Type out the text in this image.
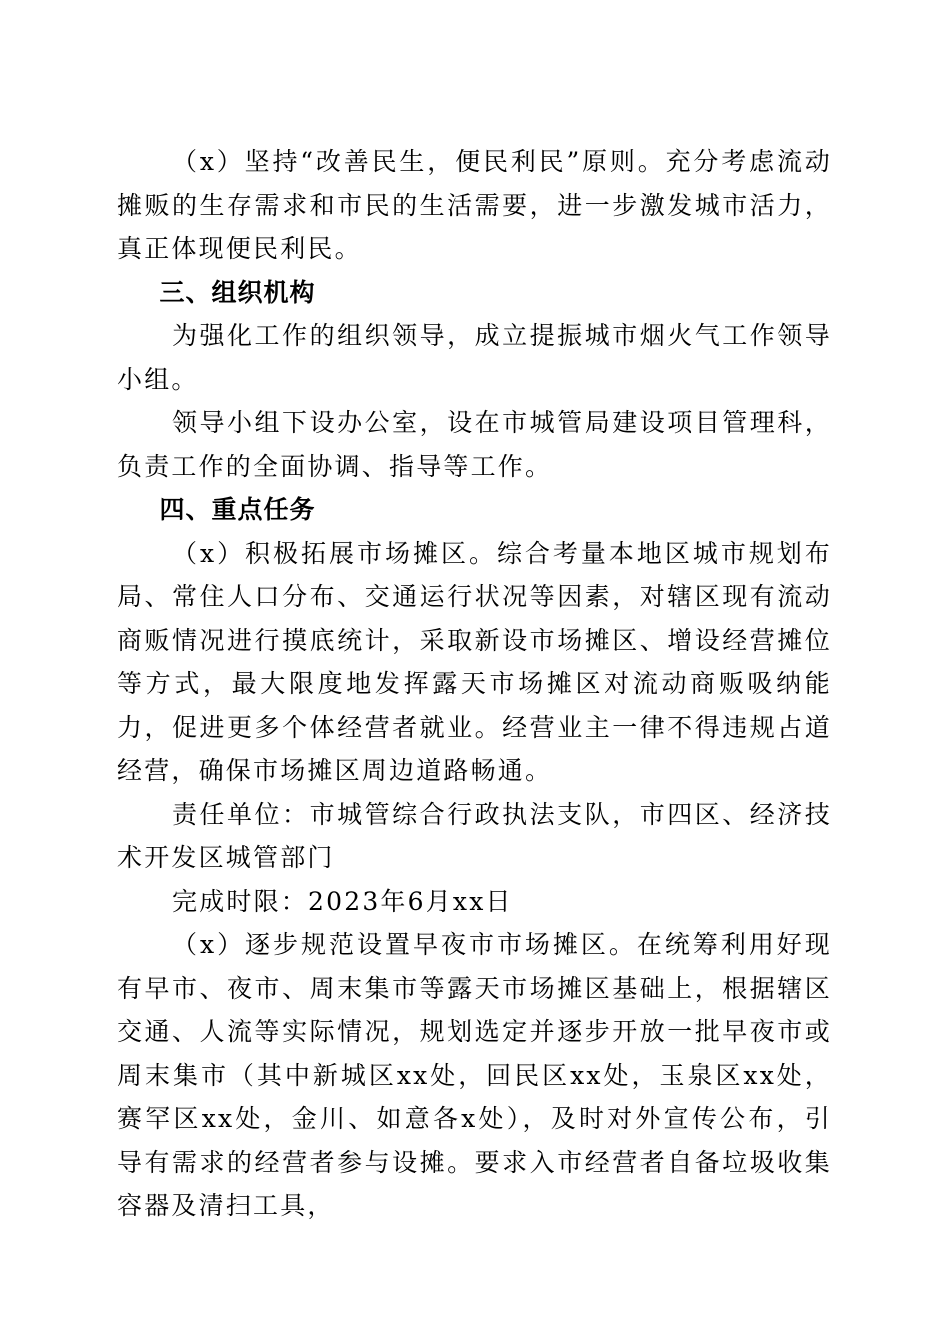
（x）坚持“改善民生，便民利民”原则。充分考虑流动摊贩的生存需求和市民的生活需要，进一步激发城市活力，真正体现便民利民。

三、组织机构

为强化工作的组织领导，成立提振城市烟火气工作领导小组。

领导小组下设办公室，设在市城管局建设项目管理科，负责工作的全面协调、指导等工作。

四、重点任务

（x）积极拓展市场摊区。综合考量本地区城市规划布局、常住人口分布、交通运行状况等因素，对辖区现有流动商贩情况进行摸底统计，采取新设市场摊区、增设经营摊位等方式，最大限度地发挥露天市场摊区对流动商贩吸纳能力，促进更多个体经营者就业。经营业主一律不得违规占道经营，确保市场摊区周边道路畅通。

责任单位：市城管综合行政执法支队，市四区、经济技术开发区城管部门

完成时限：2023年6月xx日

（x）逐步规范设置早夜市市场摊区。在统筹利用好现有早市、夜市、周末集市等露天市场摊区基础上，根据辖区交通、人流等实际情况，规划选定并逐步开放一批早夜市或周末集市（其中新城区xx处，回民区xx处，玉泉区xx处，赛罕区xx处，金川、如意各x处），及时对外宣传公布，引导有需求的经营者参与设摊。要求入市经营者自备垃圾收集容器及清扫工具，
